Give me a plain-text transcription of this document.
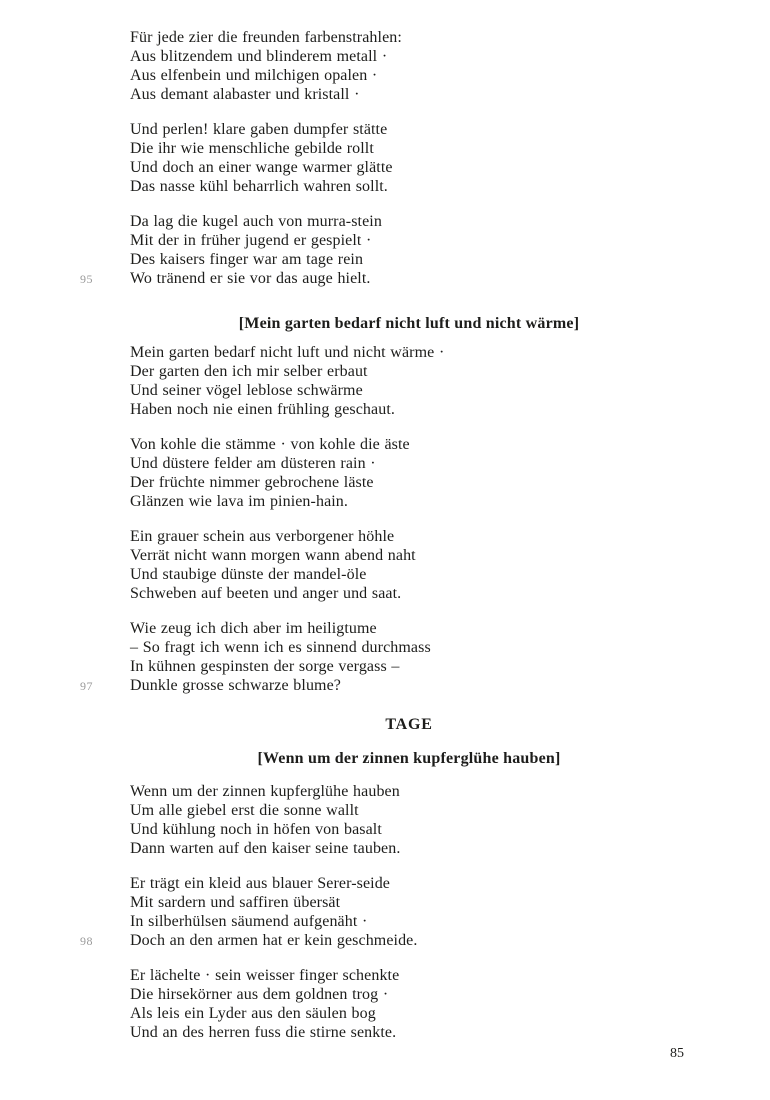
Für jede zier die freunden farbenstrahlen:
Aus blitzendem und blinderem metall ·
Aus elfenbein und milchigen opalen ·
Aus demant alabaster und kristall ·
Und perlen! klare gaben dumpfer stätte
Die ihr wie menschliche gebilde rollt
Und doch an einer wange warmer glätte
Das nasse kühl beharrlich wahren sollt.
Da lag die kugel auch von murra-stein
Mit der in früher jugend er gespielt ·
Des kaisers finger war am tage rein
Wo tränend er sie vor das auge hielt.
95
[Mein garten bedarf nicht luft und nicht wärme]
Mein garten bedarf nicht luft und nicht wärme ·
Der garten den ich mir selber erbaut
Und seiner vögel leblose schwärme
Haben noch nie einen frühling geschaut.
Von kohle die stämme · von kohle die äste
Und düstere felder am düsteren rain ·
Der früchte nimmer gebrochene läste
Glänzen wie lava im pinien-hain.
Ein grauer schein aus verborgener höhle
Verrät nicht wann morgen wann abend naht
Und staubige dünste der mandel-öle
Schweben auf beeten und anger und saat.
Wie zeug ich dich aber im heiligtume
– So fragt ich wenn ich es sinnend durchmass
In kühnen gespinsten der sorge vergass –
Dunkle grosse schwarze blume?
97
TAGE
[Wenn um der zinnen kupferglühe hauben]
Wenn um der zinnen kupferglühe hauben
Um alle giebel erst die sonne wallt
Und kühlung noch in höfen von basalt
Dann warten auf den kaiser seine tauben.
Er trägt ein kleid aus blauer Serer-seide
Mit sardern und saffiren übersät
In silberhülsen säumend aufgenäht ·
Doch an den armen hat er kein geschmeide.
98
Er lächelte · sein weisser finger schenkte
Die hirsekörner aus dem goldnen trog ·
Als leis ein Lyder aus den säulen bog
Und an des herren fuss die stirne senkte.
85
